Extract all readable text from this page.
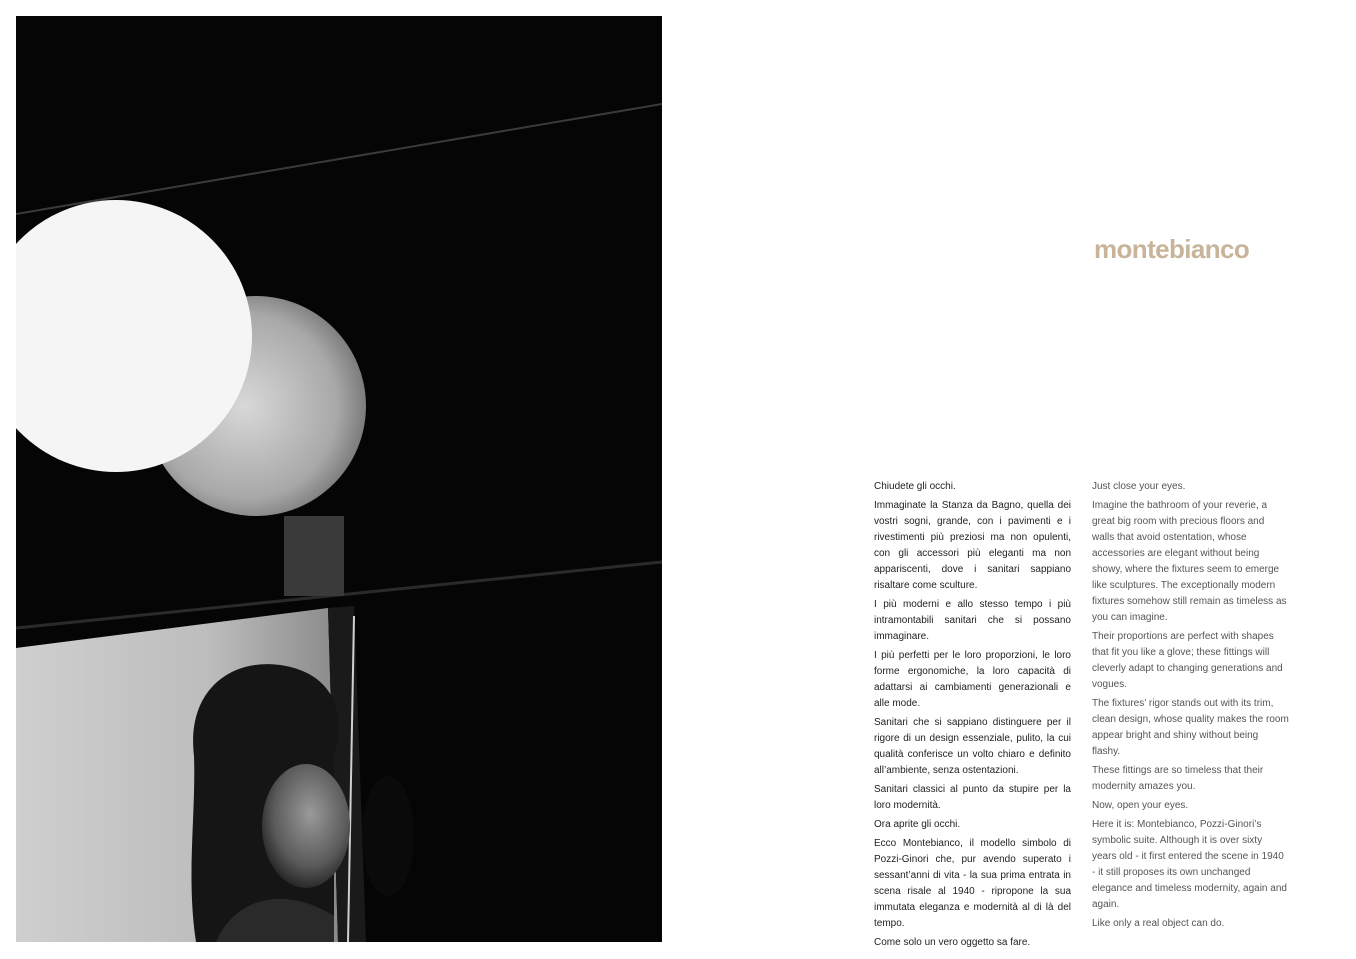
montebianco

Chiudete gli occhi.

Immaginate la Stanza da Bagno, quella dei vostri sogni, grande, con i pavimenti e i rivestimenti più preziosi ma non opulenti, con gli accessori più eleganti ma non appariscenti, dove i sanitari sappiano risaltare come sculture.

I più moderni e allo stesso tempo i più intramontabili sanitari che si possano immaginare.

I più perfetti per le loro proporzioni, le loro forme ergonomiche, la loro capacità di adattarsi ai cambiamenti generazionali e alle mode.

Sanitari che si sappiano distinguere per il rigore di un design essenziale, pulito, la cui qualità conferisce un volto chiaro e definito all’ambiente, senza ostentazioni.

Sanitari classici al punto da stupire per la loro modernità.

Ora aprite gli occhi.

Ecco Montebianco, il modello simbolo di Pozzi-Ginori che, pur avendo superato i sessant’anni di vita - la sua prima entrata in scena risale al 1940 - ripropone la sua immutata eleganza e modernità al di là del tempo.

Come solo un vero oggetto sa fare.

Just close your eyes.

Imagine the bathroom of your reverie, a great big room with precious floors and walls that avoid ostentation, whose accessories are elegant without being showy, where the fixtures seem to emerge like sculptures. The exceptionally modern fixtures somehow still remain as timeless as you can imagine.

Their proportions are perfect with shapes that fit you like a glove; these fittings will cleverly adapt to changing generations and vogues.

The fixtures’ rigor stands out with its trim, clean design, whose quality makes the room appear bright and shiny without being flashy.

These fittings are so timeless that their modernity amazes you.

Now, open your eyes.

Here it is: Montebianco, Pozzi-Ginori’s symbolic suite. Although it is over sixty years old - it first entered the scene in 1940 - it still proposes its own unchanged elegance and timeless modernity, again and again.

Like only a real object can do.
